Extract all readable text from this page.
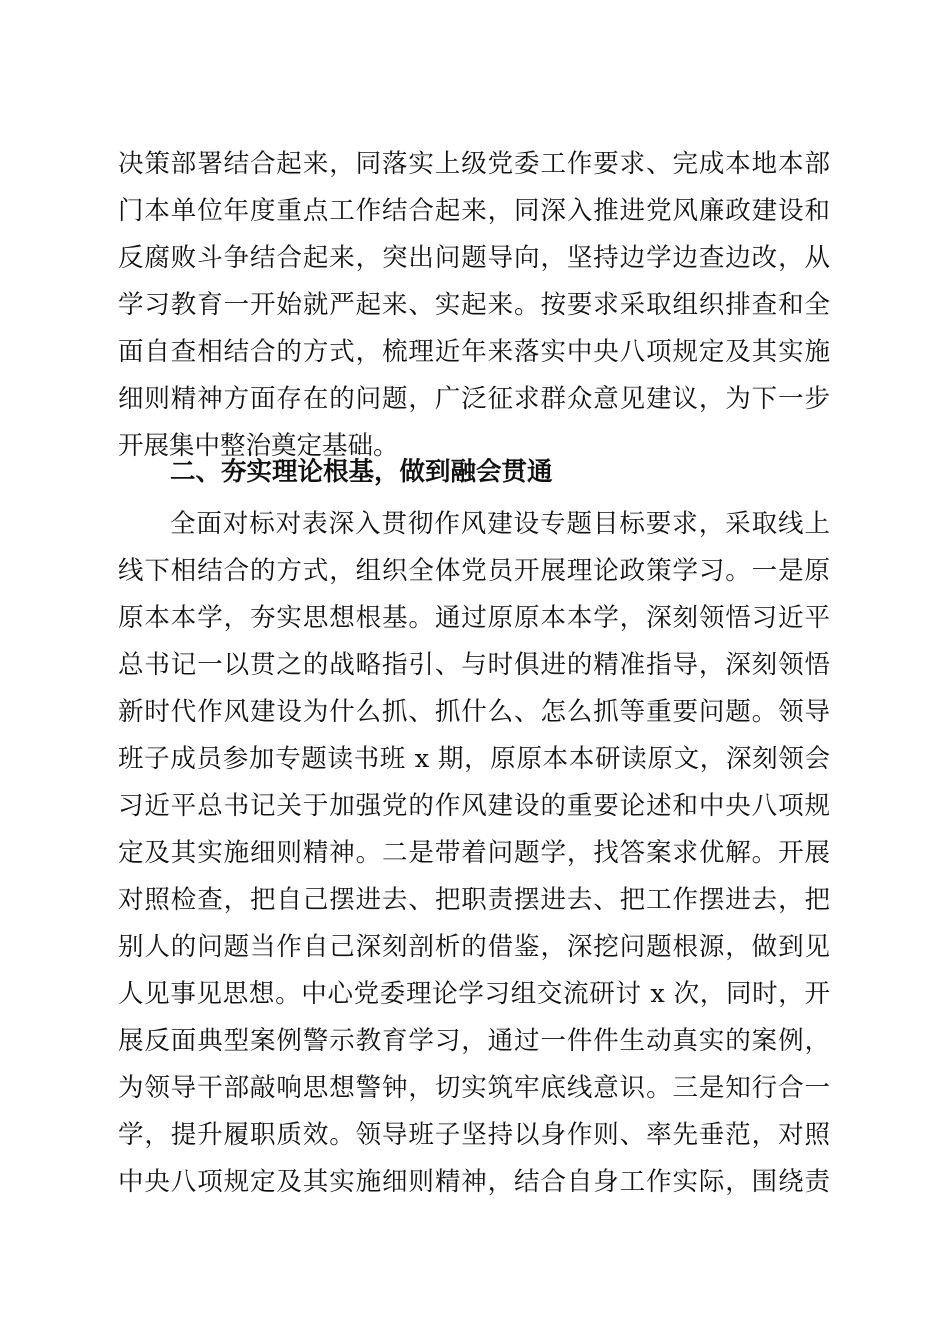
决策部署结合起来，同落实上级党委工作要求、完成本地本部
门本单位年度重点工作结合起来，同深入推进党风廉政建设和
反腐败斗争结合起来，突出问题导向，坚持边学边查边改，从
学习教育一开始就严起来、实起来。按要求采取组织排查和全
面自查相结合的方式，梳理近年来落实中央八项规定及其实施
细则精神方面存在的问题，广泛征求群众意见建议，为下一步
开展集中整治奠定基础。
二、夯实理论根基，做到融会贯通
全面对标对表深入贯彻作风建设专题目标要求，采取线上
线下相结合的方式，组织全体党员开展理论政策学习。一是原
原本本学，夯实思想根基。通过原原本本学，深刻领悟习近平
总书记一以贯之的战略指引、与时俱进的精准指导，深刻领悟
新时代作风建设为什么抓、抓什么、怎么抓等重要问题。领导
班子成员参加专题读书班 x 期，原原本本研读原文，深刻领会
习近平总书记关于加强党的作风建设的重要论述和中央八项规
定及其实施细则精神。二是带着问题学，找答案求优解。开展
对照检查，把自己摆进去、把职责摆进去、把工作摆进去，把
别人的问题当作自己深刻剖析的借鉴，深挖问题根源，做到见
人见事见思想。中心党委理论学习组交流研讨 x 次，同时，开
展反面典型案例警示教育学习，通过一件件生动真实的案例，
为领导干部敲响思想警钟，切实筑牢底线意识。三是知行合一
学，提升履职质效。领导班子坚持以身作则、率先垂范，对照
中央八项规定及其实施细则精神，结合自身工作实际，围绕责
